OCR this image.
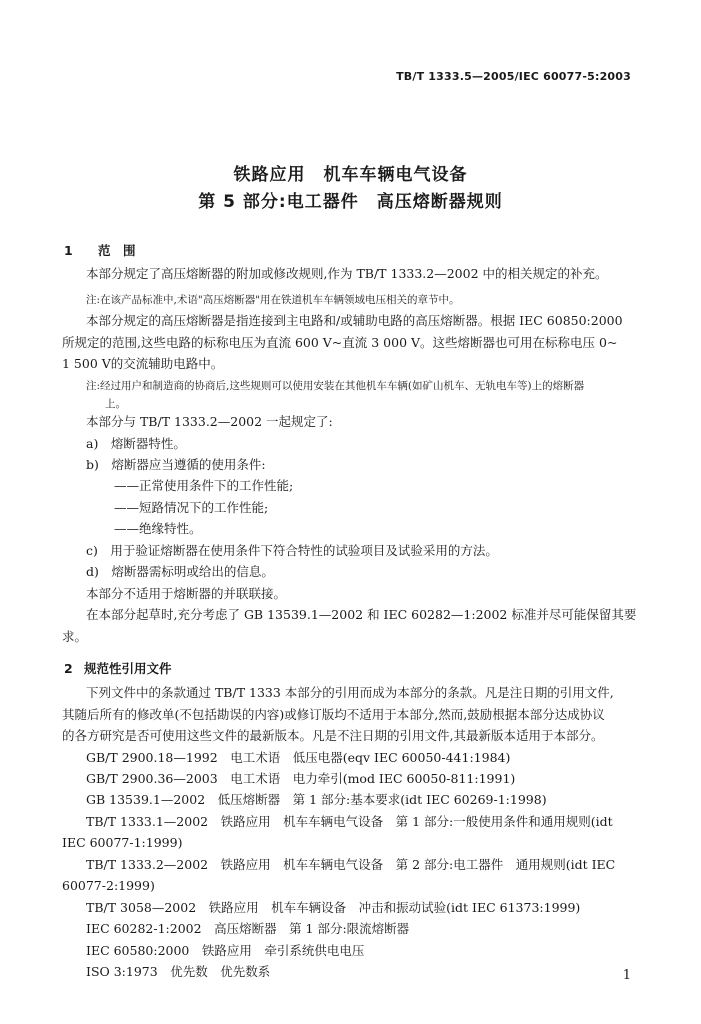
TB/T 1333.5—2005/IEC 60077-5:2003
铁路应用　机车车辆电气设备
第 5 部分:电工器件　高压熔断器规则
1 范　围
本部分规定了高压熔断器的附加或修改规则,作为 TB/T 1333.2—2002 中的相关规定的补充。
注:在该产品标准中,术语"高压熔断器"用在铁道机车车辆领域电压相关的章节中。
本部分规定的高压熔断器是指连接到主电路和/或辅助电路的高压熔断器。根据 IEC 60850:2000
所规定的范围,这些电路的标称电压为直流 600 V~直流 3 000 V。这些熔断器也可用在标称电压 0~
1 500 V的交流辅助电路中。
注:经过用户和制造商的协商后,这些规则可以使用安装在其他机车车辆(如矿山机车、无轨电车等)上的熔断器
上。
本部分与 TB/T 1333.2—2002 一起规定了:
a)　熔断器特性。
b)　熔断器应当遵循的使用条件:
——正常使用条件下的工作性能;
——短路情况下的工作性能;
——绝缘特性。
c)　用于验证熔断器在使用条件下符合特性的试验项目及试验采用的方法。
d)　熔断器需标明或给出的信息。
本部分不适用于熔断器的并联联接。
在本部分起草时,充分考虑了 GB 13539.1—2002 和 IEC 60282—1:2002 标准并尽可能保留其要
求。
2 规范性引用文件
下列文件中的条款通过 TB/T 1333 本部分的引用而成为本部分的条款。凡是注日期的引用文件,
其随后所有的修改单(不包括勘误的内容)或修订版均不适用于本部分,然而,鼓励根据本部分达成协议
的各方研究是否可使用这些文件的最新版本。凡是不注日期的引用文件,其最新版本适用于本部分。
GB/T 2900.18—1992　电工术语　低压电器(eqv IEC 60050-441:1984)
GB/T 2900.36—2003　电工术语　电力牵引(mod IEC 60050-811:1991)
GB 13539.1—2002　低压熔断器　第 1 部分:基本要求(idt IEC 60269-1:1998)
TB/T 1333.1—2002　铁路应用　机车车辆电气设备　第 1 部分:一般使用条件和通用规则(idt
IEC 60077-1:1999)
TB/T 1333.2—2002　铁路应用　机车车辆电气设备　第 2 部分:电工器件　通用规则(idt IEC
60077-2:1999)
TB/T 3058—2002　铁路应用　机车车辆设备　冲击和振动试验(idt IEC 61373:1999)
IEC 60282-1:2002　高压熔断器　第 1 部分:限流熔断器
IEC 60580:2000　铁路应用　牵引系统供电电压
ISO 3:1973　优先数　优先数系	1
